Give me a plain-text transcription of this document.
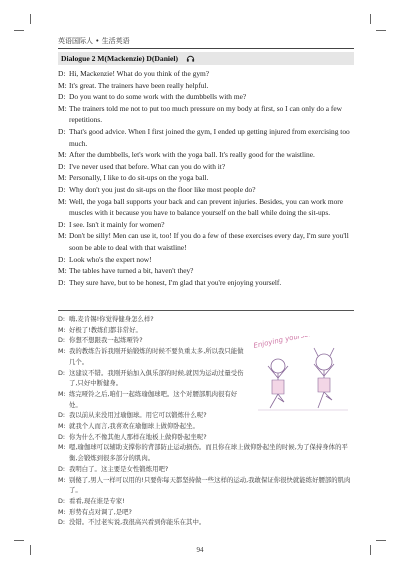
英语国际人 • 生活英语
Dialogue 2 M(Mackenzie) D(Daniel)
D: Hi, Mackenzie! What do you think of the gym?
M: It's great. The trainers have been really helpful.
D: Do you want to do some work with the dumbbells with me?
M: The trainers told me not to put too much pressure on my body at first, so I can only do a few repetitions.
D: That's good advice. When I first joined the gym, I ended up getting injured from exercising too much.
M: After the dumbbells, let's work with the yoga ball. It's really good for the waistline.
D: I've never used that before. What can you do with it?
M: Personally, I like to do sit-ups on the yoga ball.
D: Why don't you just do sit-ups on the floor like most people do?
M: Well, the yoga ball supports your back and can prevent injuries. Besides, you can work more muscles with it because you have to balance yourself on the ball while doing the sit-ups.
D: I see. Isn't it mainly for women?
M: Don't be silly! Men can use it, too! If you do a few of these exercises every day, I'm sure you'll soon be able to deal with that waistline!
D: Look who's the expert now!
M: The tables have turned a bit, haven't they?
D: They sure have, but to be honest, I'm glad that you're enjoying yourself.
D: 嗨,麦肯锡!你觉得健身怎么样?
M: 好极了!教练们都非常好。
D: 你想不想跟我一起练哑铃?
M: 我的教练告诉我刚开始锻炼的时候不要负重太多,所以我只能做几个。
D: 这建议不错。我刚开始加入俱乐部的时候,就因为运动过量受伤了,只好中断健身。
M: 练完哑铃之后,咱们一起练瑜伽球吧。这个对腰部肌肉很有好处。
D: 我以前从来没用过瑜伽球。用它可以锻炼什么呢?
M: 就我个人而言,我喜欢在瑜伽球上做仰卧起坐。
D: 你为什么不像其他人那样在地板上做仰卧起坐呢?
M: 嗯,瑜伽球可以辅助支撑你的背部防止运动损伤。而且你在球上做仰卧起坐的时候,为了保持身体的平衡,会锻炼到很多部分的肌肉。
D: 我明白了。这主要是女性锻炼用吧?
M: 别傻了,男人一样可以用的!只要你每天都坚持做一些这样的运动,我敢保证你很快就能练好腰部的肌肉了。
D: 看看,现在谁是专家!
M: 形势有点对调了,是吧?
D: 没错。不过老实说,我很高兴看到你能乐在其中。
Enjoying yourself
94
